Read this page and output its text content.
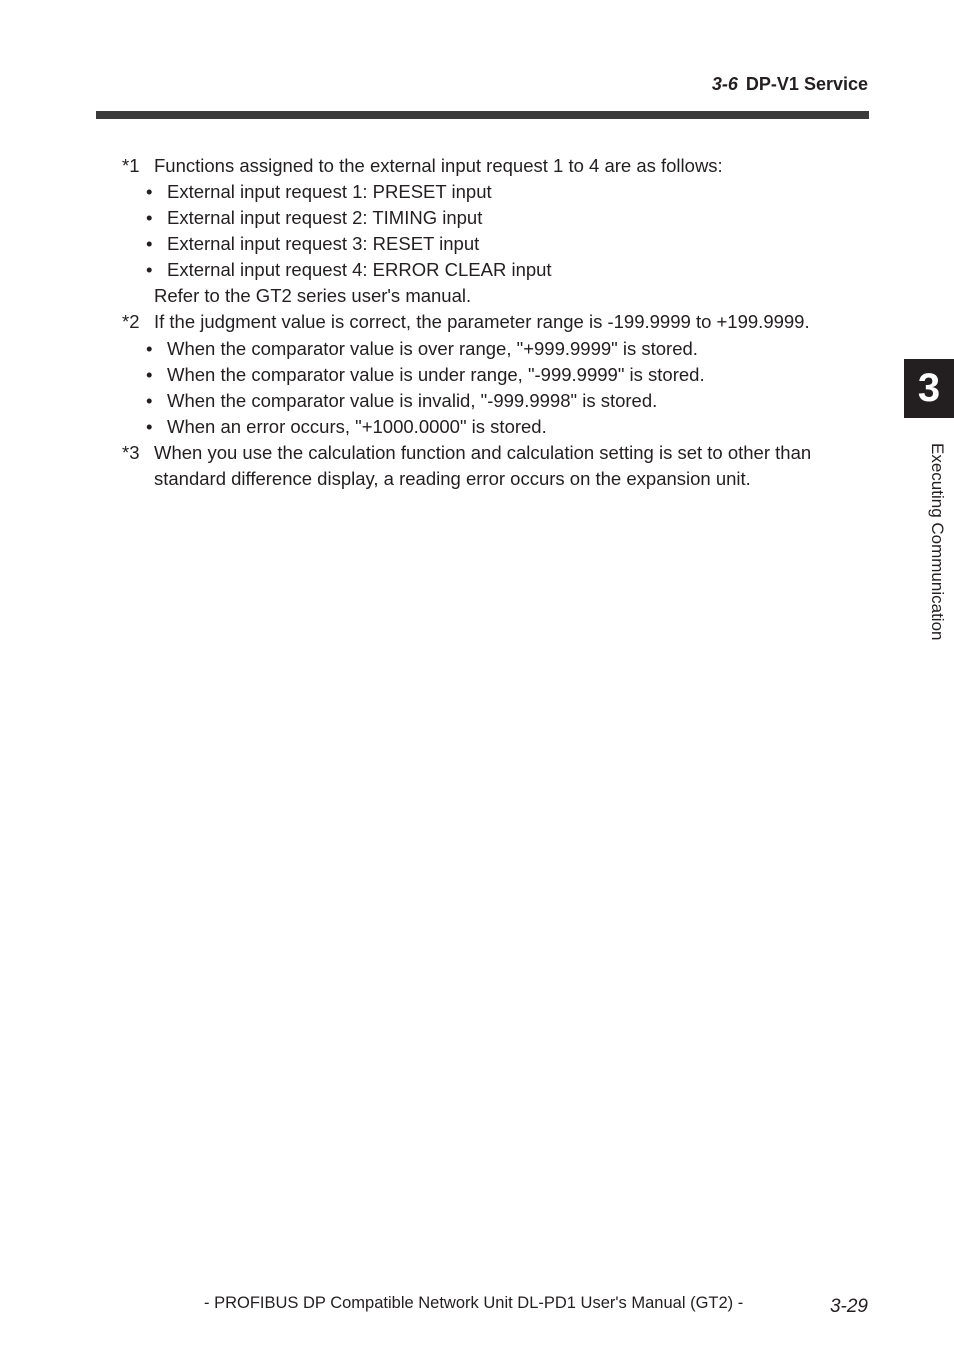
3-6 DP-V1 Service
*1 Functions assigned to the external input request 1 to 4 are as follows:
• External input request 1: PRESET input
• External input request 2: TIMING input
• External input request 3: RESET input
• External input request 4: ERROR CLEAR input
Refer to the GT2 series user's manual.
*2 If the judgment value is correct, the parameter range is -199.9999 to +199.9999.
• When the comparator value is over range, "+999.9999" is stored.
• When the comparator value is under range, "-999.9999" is stored.
• When the comparator value is invalid, "-999.9998" is stored.
• When an error occurs, "+1000.0000" is stored.
*3 When you use the calculation function and calculation setting is set to other than
standard difference display, a reading error occurs on the expansion unit.
3
Executing Communication
- PROFIBUS DP Compatible Network Unit DL-PD1 User's Manual (GT2) -	3-29
